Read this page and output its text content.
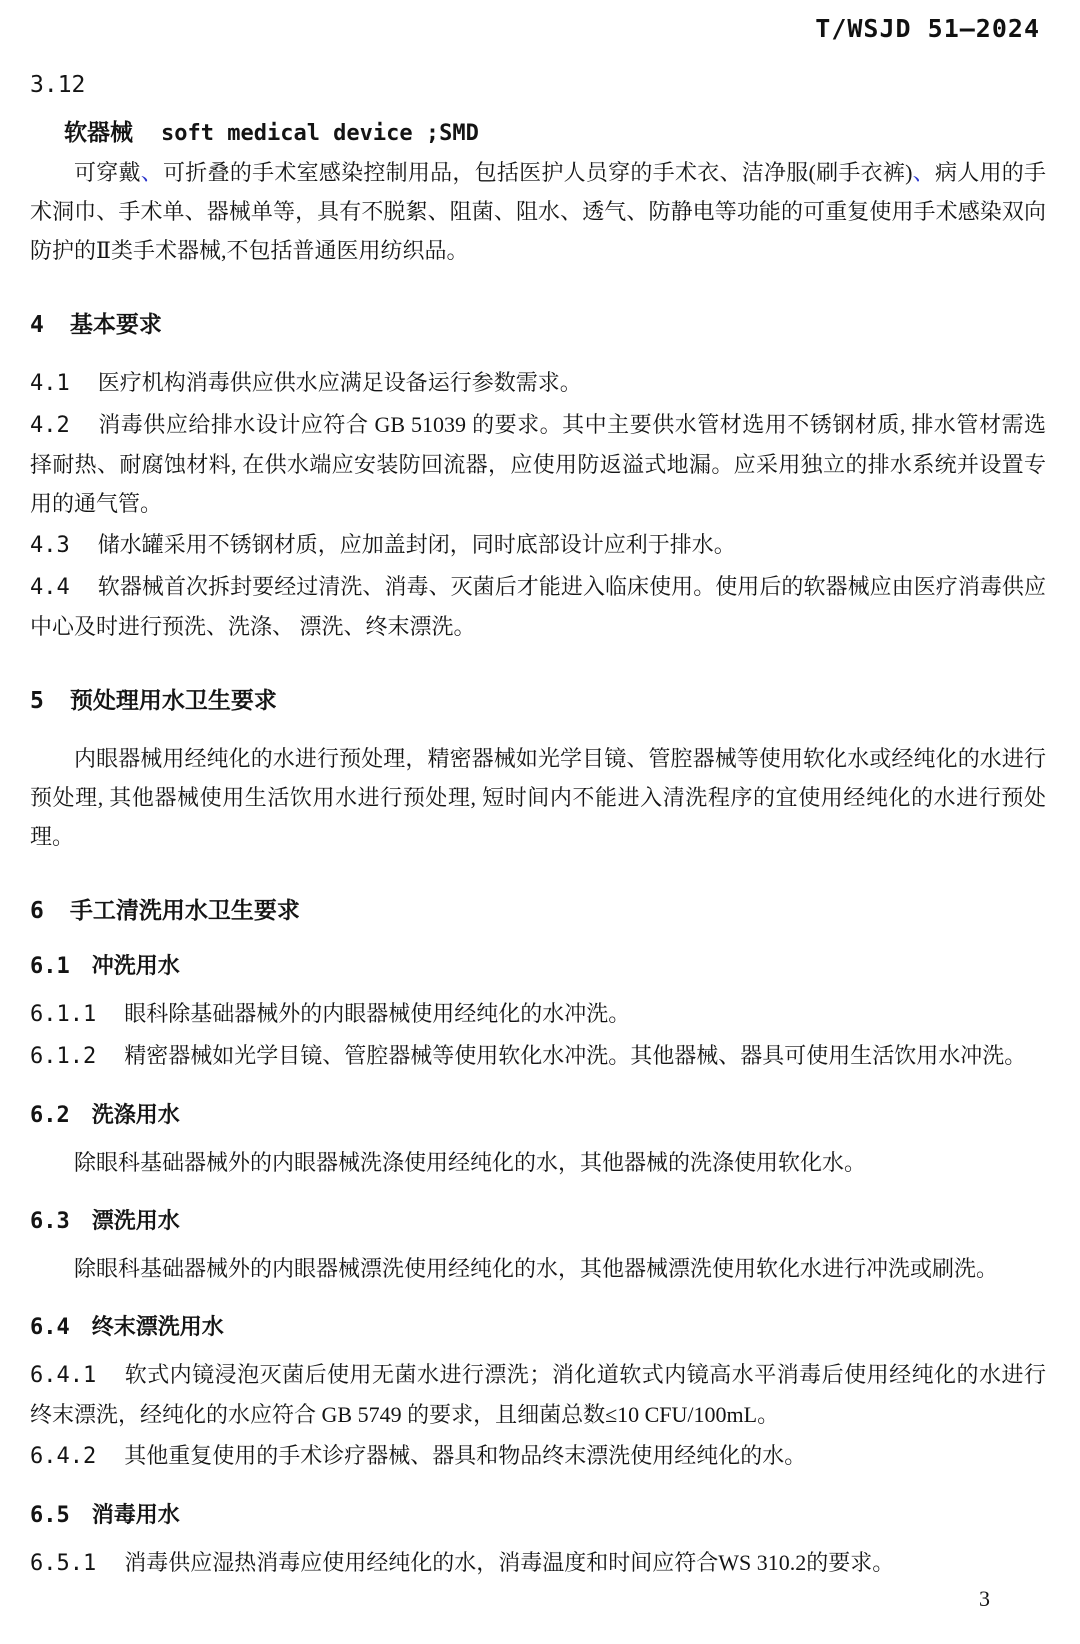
T/WSJD 51—2024
3.12
软器械 soft medical device ;SMD

可穿戴、可折叠的手术室感染控制用品，包括医护人员穿的手术衣、洁净服(刷手衣裤)、病人用的手术洞巾、手术单、器械单等，具有不脱絮、阻菌、阻水、透气、防静电等功能的可重复使用手术感染双向防护的Ⅱ类手术器械,不包括普通医用纺织品。

4 基本要求

4.1 医疗机构消毒供应供水应满足设备运行参数需求。

4.2 消毒供应给排水设计应符合 GB 51039 的要求。其中主要供水管材选用不锈钢材质, 排水管材需选择耐热、耐腐蚀材料, 在供水端应安装防回流器，应使用防返溢式地漏。应采用独立的排水系统并设置专用的通气管。

4.3 储水罐采用不锈钢材质，应加盖封闭，同时底部设计应利于排水。

4.4 软器械首次拆封要经过清洗、消毒、灭菌后才能进入临床使用。使用后的软器械应由医疗消毒供应中心及时进行预洗、洗涤、 漂洗、终末漂洗。

5 预处理用水卫生要求

内眼器械用经纯化的水进行预处理，精密器械如光学目镜、管腔器械等使用软化水或经纯化的水进行预处理, 其他器械使用生活饮用水进行预处理, 短时间内不能进入清洗程序的宜使用经纯化的水进行预处理。

6 手工清洗用水卫生要求
6.1 冲洗用水

6.1.1 眼科除基础器械外的内眼器械使用经纯化的水冲洗。

6.1.2 精密器械如光学目镜、管腔器械等使用软化水冲洗。其他器械、器具可使用生活饮用水冲洗。

6.2 洗涤用水

除眼科基础器械外的内眼器械洗涤使用经纯化的水，其他器械的洗涤使用软化水。

6.3 漂洗用水

除眼科基础器械外的内眼器械漂洗使用经纯化的水，其他器械漂洗使用软化水进行冲洗或刷洗。

6.4 终末漂洗用水

6.4.1 软式内镜浸泡灭菌后使用无菌水进行漂洗；消化道软式内镜高水平消毒后使用经纯化的水进行终末漂洗，经纯化的水应符合 GB 5749 的要求，且细菌总数≤10 CFU/100mL。

6.4.2 其他重复使用的手术诊疗器械、器具和物品终末漂洗使用经纯化的水。

6.5 消毒用水

6.5.1 消毒供应湿热消毒应使用经纯化的水，消毒温度和时间应符合WS 310.2的要求。

3
